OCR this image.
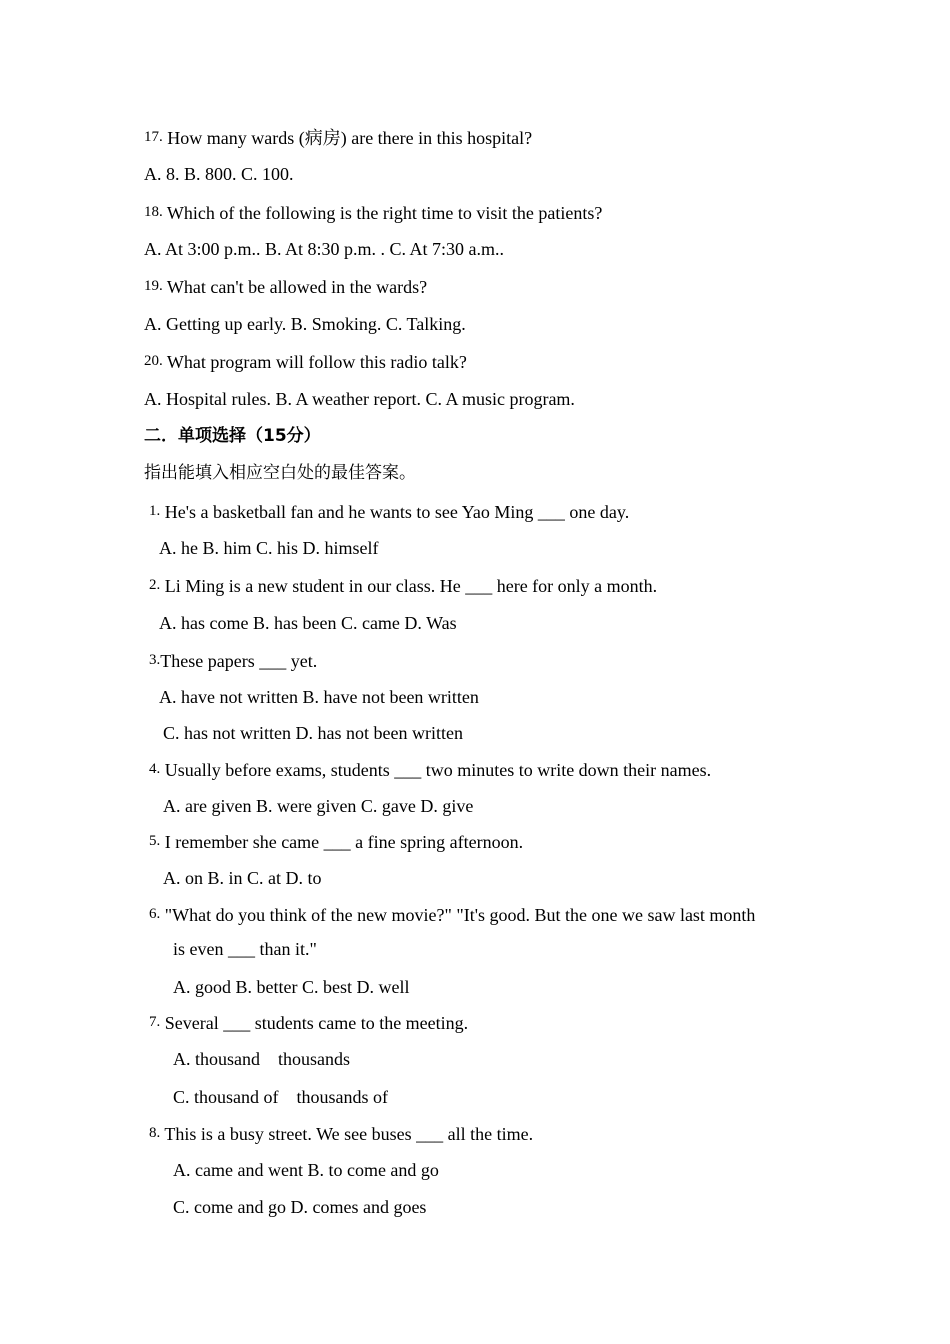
17. How many wards (病房) are there in this hospital?
A. 8. B. 800. C. 100.
18. Which of the following is the right time to visit the patients?
A. At 3:00 p.m.. B. At 8:30 p.m. . C. At 7:30 a.m..
19. What can't be allowed in the wards?
A. Getting up early. B. Smoking. C. Talking.
20. What program will follow this radio talk?
A. Hospital rules. B. A weather report. C. A music program.
二．单项选择（15分）
指出能填入相应空白处的最佳答案。
1. He's a basketball fan and he wants to see Yao Ming ___ one day.
A. he B. him C. his D. himself
2. Li Ming is a new student in our class. He ___ here for only a month.
A. has come B. has been C. came D. Was
3.These papers ___ yet.
A. have not written B. have not been written
C. has not written D. has not been written
4. Usually before exams, students ___ two minutes to write down their names.
A. are given B. were given C. gave D. give
5. I remember she came ___ a fine spring afternoon.
A. on B. in C. at D. to
6. "What do you think of the new movie?" "It's good. But the one we saw last month
is even ___ than it."
A. good B. better C. best D. well
7. Several ___ students came to the meeting.
A. thousand    thousands
C. thousand of    thousands of
8. This is a busy street. We see buses ___ all the time.
A. came and went B. to come and go
C. come and go D. comes and goes
